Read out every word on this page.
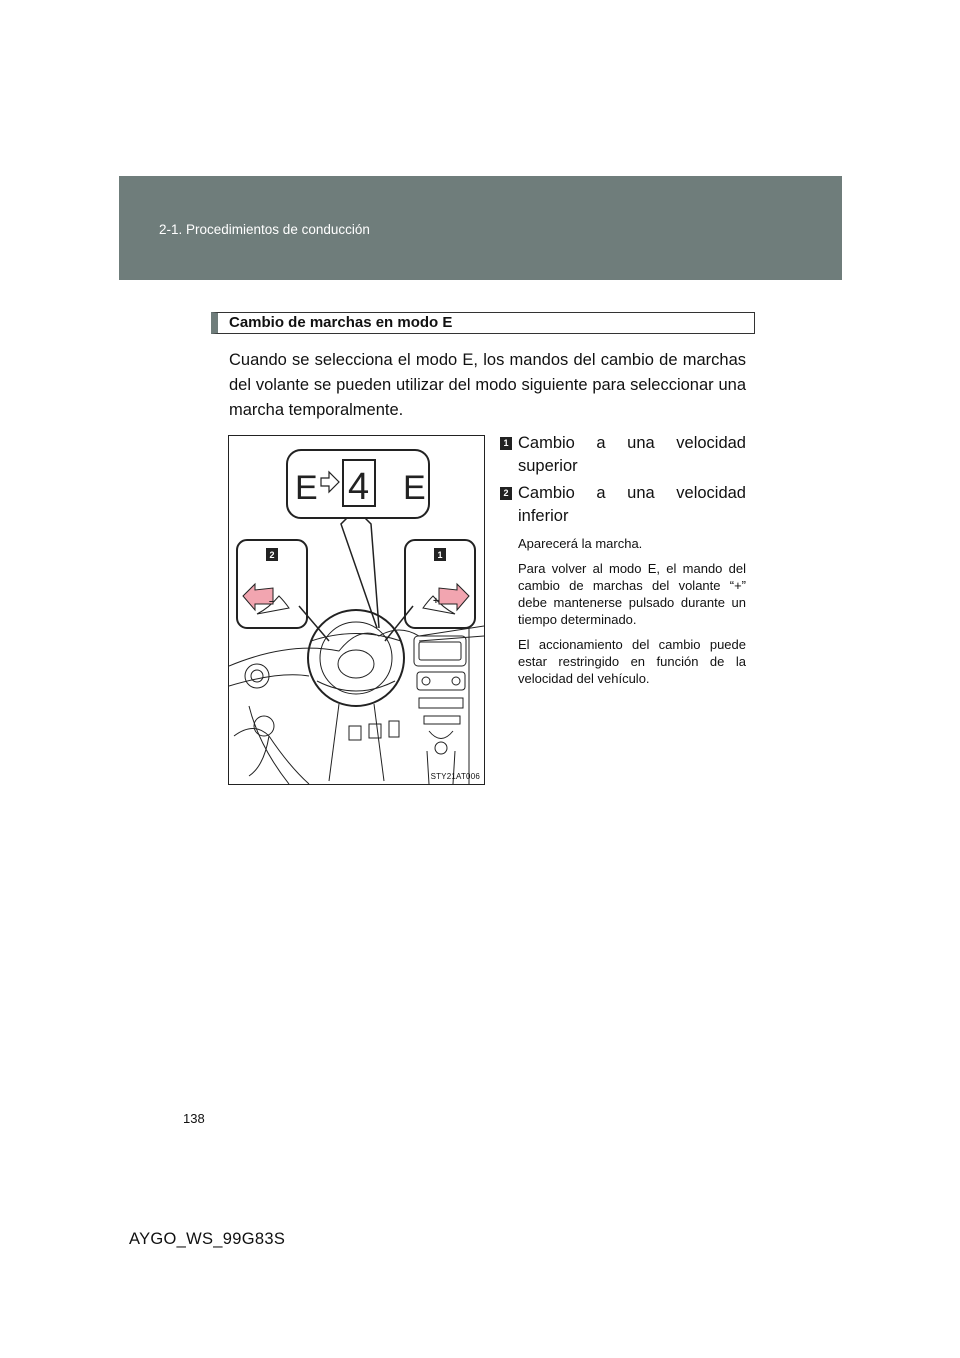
2-1. Procedimientos de conducción
Cambio de marchas en modo E
Cuando se selecciona el modo E, los mandos del cambio de marchas del volante se pueden utilizar del modo siguiente para seleccionar una marcha temporalmente.
E 4 E
2
–
1
+
STY21AT006
1 Cambio a una velocidad
superior
2 Cambio a una velocidad
inferior

Aparecerá la marcha.

Para volver al modo E, el mando del cambio de marchas del volante “+” debe mantenerse pulsado durante un tiempo determinado.

El accionamiento del cambio puede estar restringido en función de la velocidad del vehículo.

138
AYGO_WS_99G83S
